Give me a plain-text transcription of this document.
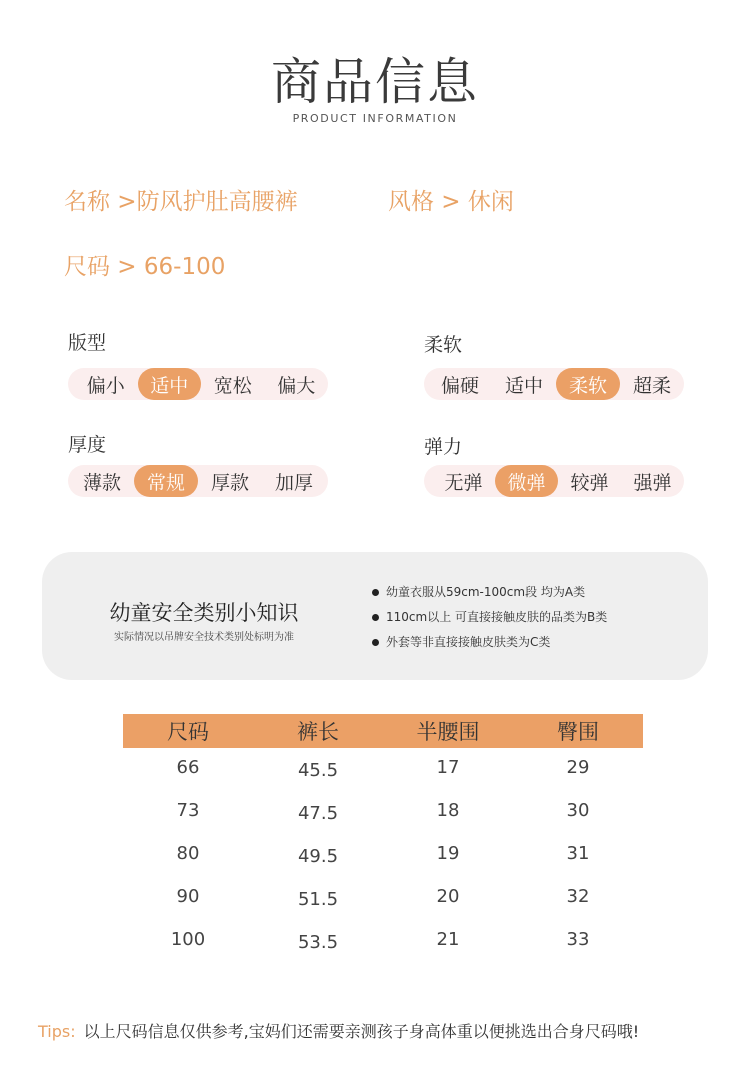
商品信息
PRODUCT INFORMATION
名称 >防风护肚高腰裤	风格 > 休闲
尺码 > 66-100
版型
偏小	适中	宽松	偏大
柔软
偏硬	适中	柔软	超柔
厚度
薄款	常规	厚款	加厚
弹力
无弹	微弹	较弹	强弹
幼童安全类别小知识
实际情况以吊牌安全技术类别处标明为准
幼童衣服从59cm-100cm段 均为A类
110cm以上 可直接接触皮肤的品类为B类
外套等非直接接触皮肤类为C类
尺码	裤长	半腰围	臀围
66	45.5	17	29
73	47.5	18	30
80	49.5	19	31
90	51.5	20	32
100	53.5	21	33
Tips: 以上尺码信息仅供参考,宝妈们还需要亲测孩子身高体重以便挑选出合身尺码哦!
